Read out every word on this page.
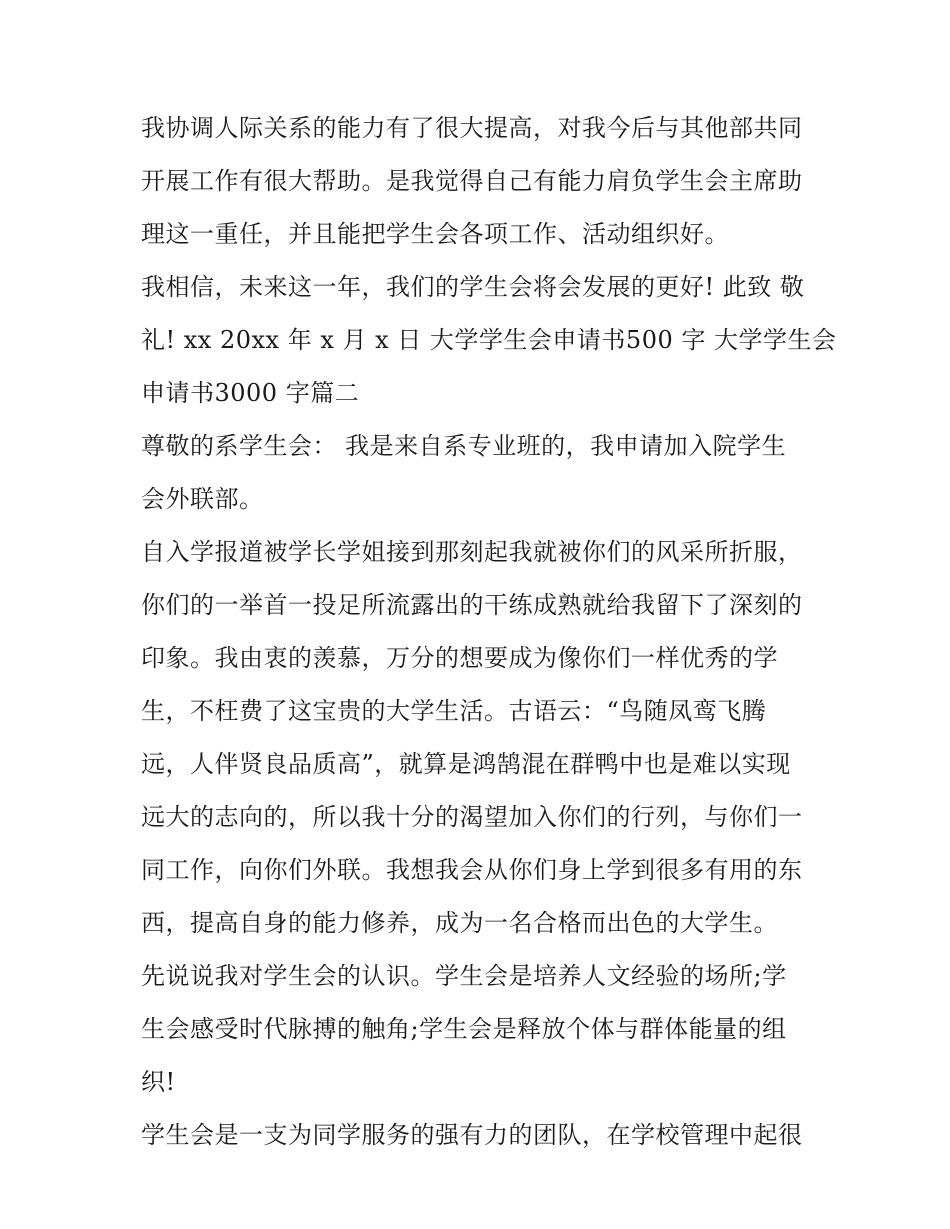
我协调人际关系的能力有了很大提高，对我今后与其他部共同
开展工作有很大帮助。是我觉得自己有能力肩负学生会主席助
理这一重任，并且能把学生会各项工作、活动组织好。
我相信，未来这一年，我们的学生会将会发展的更好! 此致 敬
礼! xx 20xx 年 x 月 x 日 大学学生会申请书500 字 大学学生会
申请书3000 字篇二
尊敬的系学生会： 我是来自系专业班的，我申请加入院学生
会外联部。
自入学报道被学长学姐接到那刻起我就被你们的风采所折服，
你们的一举首一投足所流露出的干练成熟就给我留下了深刻的
印象。我由衷的羡慕，万分的想要成为像你们一样优秀的学
生，不枉费了这宝贵的大学生活。古语云：“鸟随凤鸾飞腾
远，人伴贤良品质高”，就算是鸿鹄混在群鸭中也是难以实现
远大的志向的，所以我十分的渴望加入你们的行列，与你们一
同工作，向你们外联。我想我会从你们身上学到很多有用的东
西，提高自身的能力修养，成为一名合格而出色的大学生。
先说说我对学生会的认识。学生会是培养人文经验的场所;学
生会感受时代脉搏的触角;学生会是释放个体与群体能量的组
织!
学生会是一支为同学服务的强有力的团队，在学校管理中起很
